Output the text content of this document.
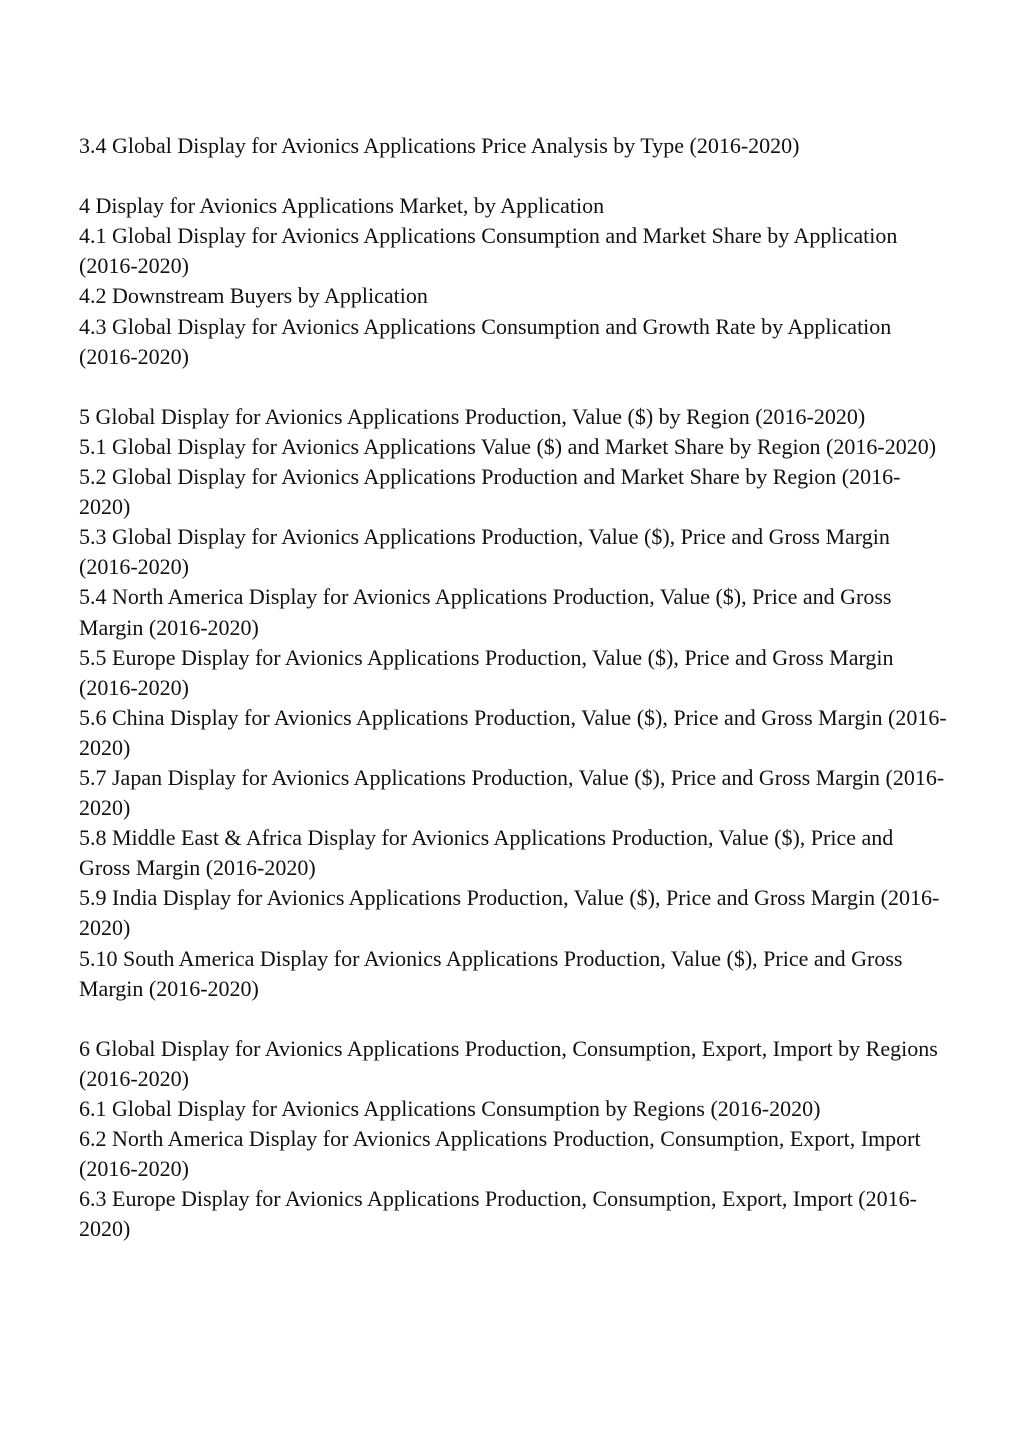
3.4 Global Display for Avionics Applications Price Analysis by Type (2016-2020)
4 Display for Avionics Applications Market, by Application
4.1 Global Display for Avionics Applications Consumption and Market Share by Application (2016-2020)
4.2 Downstream Buyers by Application
4.3 Global Display for Avionics Applications Consumption and Growth Rate by Application (2016-2020)
5 Global Display for Avionics Applications Production, Value ($) by Region (2016-2020)
5.1 Global Display for Avionics Applications Value ($) and Market Share by Region (2016-2020)
5.2 Global Display for Avionics Applications Production and Market Share by Region (2016-2020)
5.3 Global Display for Avionics Applications Production, Value ($), Price and Gross Margin (2016-2020)
5.4 North America Display for Avionics Applications Production, Value ($), Price and Gross Margin (2016-2020)
5.5 Europe Display for Avionics Applications Production, Value ($), Price and Gross Margin (2016-2020)
5.6 China Display for Avionics Applications Production, Value ($), Price and Gross Margin (2016-2020)
5.7 Japan Display for Avionics Applications Production, Value ($), Price and Gross Margin (2016-2020)
5.8 Middle East & Africa Display for Avionics Applications Production, Value ($), Price and Gross Margin (2016-2020)
5.9 India Display for Avionics Applications Production, Value ($), Price and Gross Margin (2016-2020)
5.10 South America Display for Avionics Applications Production, Value ($), Price and Gross Margin (2016-2020)
6 Global Display for Avionics Applications Production, Consumption, Export, Import by Regions (2016-2020)
6.1 Global Display for Avionics Applications Consumption by Regions (2016-2020)
6.2 North America Display for Avionics Applications Production, Consumption, Export, Import (2016-2020)
6.3 Europe Display for Avionics Applications Production, Consumption, Export, Import (2016-2020)
